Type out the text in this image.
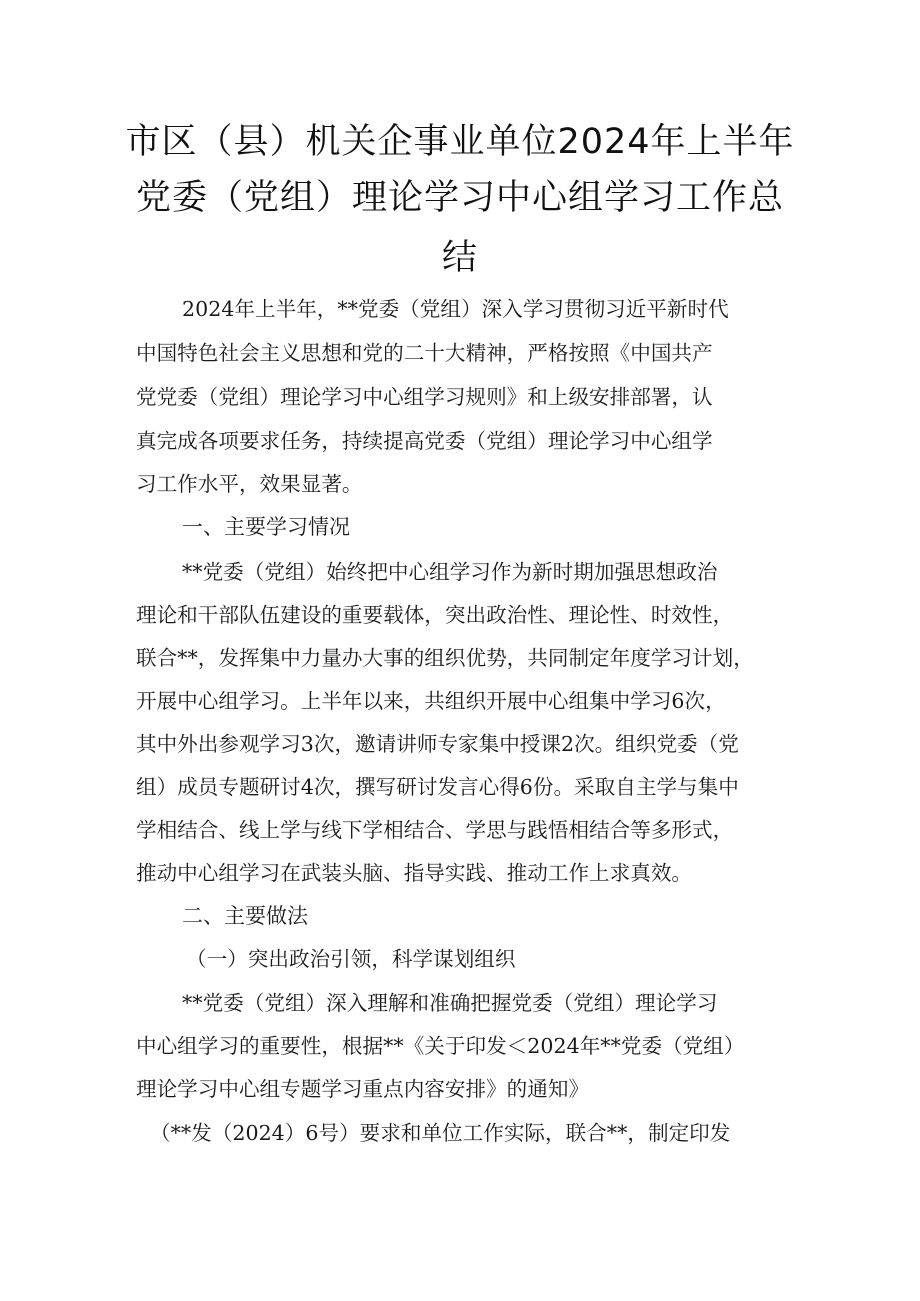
市区（县）机关企事业单位2024年上半年
党委（党组）理论学习中心组学习工作总
结
2024年上半年，**党委（党组）深入学习贯彻习近平新时代
中国特色社会主义思想和党的二十大精神，严格按照《中国共产
党党委（党组）理论学习中心组学习规则》和上级安排部署，认
真完成各项要求任务，持续提高党委（党组）理论学习中心组学
习工作水平，效果显著。
一、主要学习情况
**党委（党组）始终把中心组学习作为新时期加强思想政治
理论和干部队伍建设的重要载体，突出政治性、理论性、时效性，
联合**，发挥集中力量办大事的组织优势，共同制定年度学习计划，
开展中心组学习。上半年以来，共组织开展中心组集中学习6次，
其中外出参观学习3次，邀请讲师专家集中授课2次。组织党委（党
组）成员专题研讨4次，撰写研讨发言心得6份。采取自主学与集中
学相结合、线上学与线下学相结合、学思与践悟相结合等多形式，
推动中心组学习在武装头脑、指导实践、推动工作上求真效。
二、主要做法
（一）突出政治引领，科学谋划组织
**党委（党组）深入理解和准确把握党委（党组）理论学习
中心组学习的重要性，根据**《关于印发＜2024年**党委（党组）
理论学习中心组专题学习重点内容安排》的通知》
（**发（2024）6号）要求和单位工作实际，联合**，制定印发
